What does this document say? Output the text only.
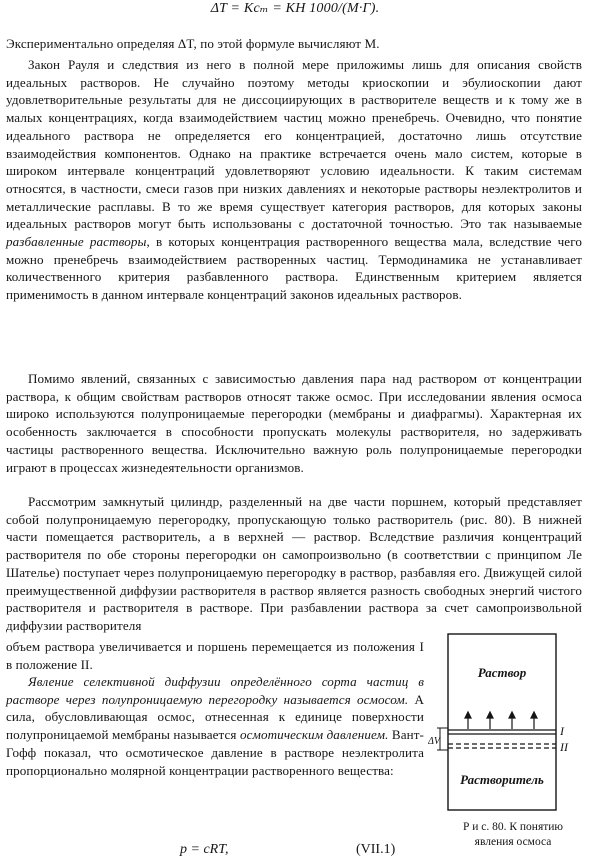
ΔT = Kcₘ = KH 1000/(M·Г).
Экспериментально определяя ΔT, по этой формуле вычисляют M.
Закон Рауля и следствия из него в полной мере приложимы лишь для описания свойств идеальных растворов. Не случайно поэтому методы криоскопии и эбулиоскопии дают удовлетворительные результаты для не диссоциирующих в растворителе веществ и к тому же в малых концентрациях, когда взаимодействием частиц можно пренебречь. Очевидно, что понятие идеального раствора не определяется его концентрацией, достаточно лишь отсутствие взаимодействия компонентов. Однако на практике встречается очень мало систем, которые в широком интервале концентраций удовлетворяют условию идеальности. К таким системам относятся, в частности, смеси газов при низких давлениях и некоторые растворы неэлектролитов и металлические расплавы. В то же время существует категория растворов, для которых законы идеальных растворов могут быть использованы с достаточной точностью. Это так называемые разбавленные растворы, в которых концентрация растворенного вещества мала, вследствие чего можно пренебречь взаимодействием растворенных частиц. Термодинамика не устанавливает количественного критерия разбавленного раствора. Единственным критерием является применимость в данном интервале концентраций законов идеальных растворов.
Помимо явлений, связанных с зависимостью давления пара над раствором от концентрации раствора, к общим свойствам растворов относят также осмос. При исследовании явления осмоса широко используются полупроницаемые перегородки (мембраны и диафрагмы). Характерная их особенность заключается в способности пропускать молекулы растворителя, но задерживать частицы растворенного вещества. Исключительно важную роль полупроницаемые перегородки играют в процессах жизнедеятельности организмов.
Рассмотрим замкнутый цилиндр, разделенный на две части поршнем, который представляет собой полупроницаемую перегородку, пропускающую только растворитель (рис. 80). В нижней части помещается растворитель, а в верхней — раствор. Вследствие различия концентраций растворителя по обе стороны перегородки он самопроизвольно (в соответствии с принципом Ле Шателье) поступает через полупроницаемую перегородку в раствор, разбавляя его. Движущей силой преимущественной диффузии растворителя в раствор является разность свободных энергий чистого растворителя и растворителя в растворе. При разбавлении раствора за счет самопроизвольной диффузии растворителя
объем раствора увеличивается и поршень перемещается из положения I в положение II.
Явление селективной диффузии определённого сорта частиц в растворе через полупроницаемую перегородку называется осмосом. А сила, обусловливающая осмос, отнесенная к единице поверхности полупроницаемой мембраны называется осмотическим давлением. Вант-Гофф показал, что осмотическое давление в растворе неэлектролита пропорционально молярной концентрации растворенного вещества:
ΔV
I
II
Раствор
Растворитель
Р и с. 80. К понятию
явления осмоса
p = cRT,	(VII.1)
